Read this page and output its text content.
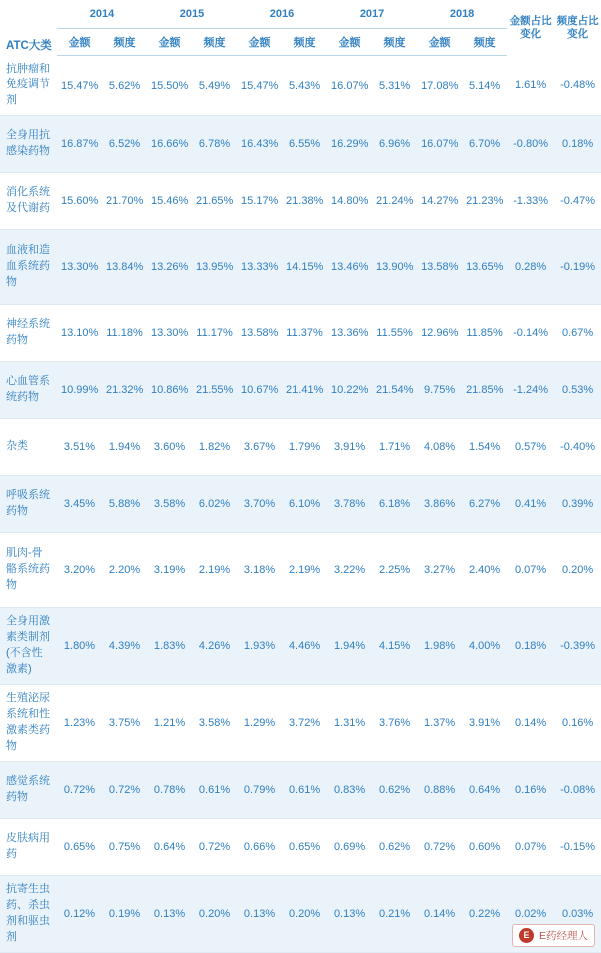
ATC大类	2014		2015		2016		2017		2018		金额占比
变化	频度占比
变化
	金额	频度	金额	频度	金额	频度	金额	频度	金额	频度		
抗肿瘤和免疫调节剂	15.47%	5.62%	15.50%	5.49%	15.47%	5.43%	16.07%	5.31%	17.08%	5.14%	1.61%	-0.48%
全身用抗感染药物	16.87%	6.52%	16.66%	6.78%	16.43%	6.55%	16.29%	6.96%	16.07%	6.70%	-0.80%	0.18%
消化系统及代谢药	15.60%	21.70%	15.46%	21.65%	15.17%	21.38%	14.80%	21.24%	14.27%	21.23%	-1.33%	-0.47%
血液和造血系统药物	13.30%	13.84%	13.26%	13.95%	13.33%	14.15%	13.46%	13.90%	13.58%	13.65%	0.28%	-0.19%
神经系统药物	13.10%	11.18%	13.30%	11.17%	13.58%	11.37%	13.36%	11.55%	12.96%	11.85%	-0.14%	0.67%
心血管系统药物	10.99%	21.32%	10.86%	21.55%	10.67%	21.41%	10.22%	21.54%	9.75%	21.85%	-1.24%	0.53%
杂类	3.51%	1.94%	3.60%	1.82%	3.67%	1.79%	3.91%	1.71%	4.08%	1.54%	0.57%	-0.40%
呼吸系统药物	3.45%	5.88%	3.58%	6.02%	3.70%	6.10%	3.78%	6.18%	3.86%	6.27%	0.41%	0.39%
肌肉-骨骼系统药物	3.20%	2.20%	3.19%	2.19%	3.18%	2.19%	3.22%	2.25%	3.27%	2.40%	0.07%	0.20%
全身用激素类制剂(不含性激素)	1.80%	4.39%	1.83%	4.26%	1.93%	4.46%	1.94%	4.15%	1.98%	4.00%	0.18%	-0.39%
生殖泌尿系统和性激素类药物	1.23%	3.75%	1.21%	3.58%	1.29%	3.72%	1.31%	3.76%	1.37%	3.91%	0.14%	0.16%
感觉系统药物	0.72%	0.72%	0.78%	0.61%	0.79%	0.61%	0.83%	0.62%	0.88%	0.64%	0.16%	-0.08%
皮肤病用药	0.65%	0.75%	0.64%	0.72%	0.66%	0.65%	0.69%	0.62%	0.72%	0.60%	0.07%	-0.15%
抗寄生虫药、杀虫剂和驱虫剂	0.12%	0.19%	0.13%	0.20%	0.13%	0.20%	0.13%	0.21%	0.14%	0.22%	0.02%	0.03%
E E药经理人
